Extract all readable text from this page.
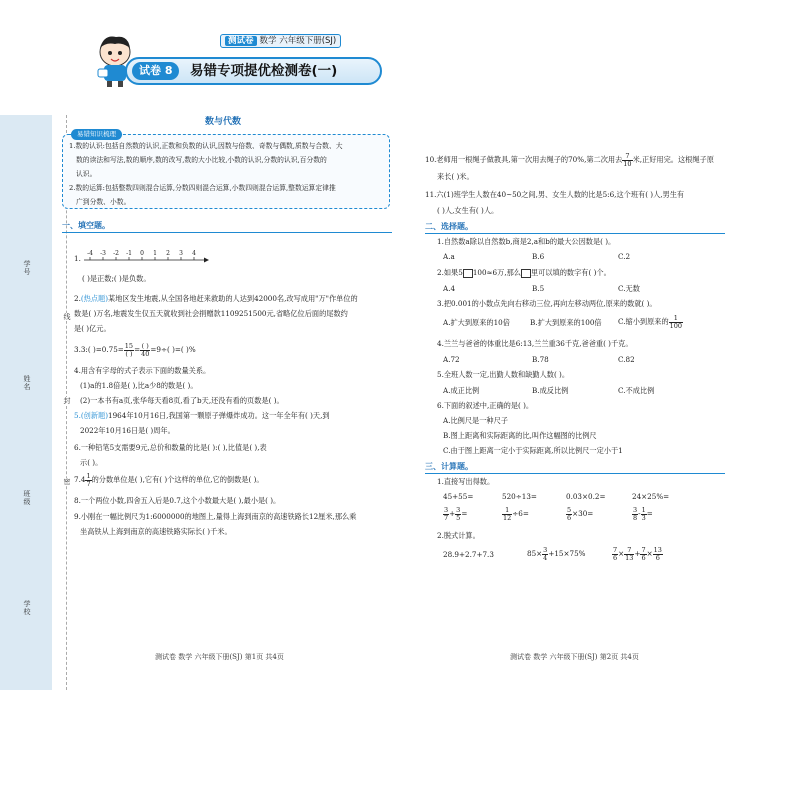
学号
姓名
班级
学校
线
封
密
测试卷 数学 六年级下册(SJ)
试卷 8	易错专项提优检测卷(一)
数与代数
易错知识梳理
1.数的认识:包括自然数的认识,正数和负数的认识,因数与倍数、奇数与偶数,质数与合数、大
数的读法和写法,数的顺序,数的改写,数的大小比较,小数的认识,分数的认识,百分数的
认识。
2.数的运算:包括整数四则混合运算,分数四则混合运算,小数四则混合运算,整数运算定律推
广到分数、小数。
一、填空题。
1.
-4 -3 -2 -1 0 1 2 3 4
( )是正数;( )是负数。
2.(热点题)某地区发生地震,从全国各地赶来救助的人达到42000名,改写成用"万"作单位的
数是( )万名,地震发生仅五天就收到社会捐赠款1109251500元,省略亿位后面的尾数约
是( )亿元。
3.3:( )$=0.75= \frac{15}{( )} = \frac{( )}{40} =9\div$( )=( )%
4.用含有字母的式子表示下面的数量关系。
(1)a的1.8倍是( ),比a少8的数是( )。
(2)一本书有a页,张华每天看8页,看了b天,还没有看的页数是( )。
5.(创新题)1964年10月16日,我国第一颗原子弹爆炸成功。这一年全年有( )天,到
2022年10月16日是( )周年。
6.一种铅笔5支需要9元,总价和数量的比是( ):( ),比值是( ),表
示( )。
$7.4 \frac{1}{7}$ 的分数单位是( ),它有( )个这样的单位,它的倒数是( )。
8.一个两位小数,四舍五入后是0.7,这个小数最大是( ),最小是( )。
9.小刚在一幅比例尺为1:6000000的地图上,量得上海到南京的高速铁路长12厘米,那么乘
坐高铁从上海到南京的高速铁路实际长( )千米。
测试卷 数学 六年级下册(SJ) 第1页 共4页
10.老师用一根绳子做教具,第一次用去绳子的70%,第二次用去 $\frac{7}{10}$ 米,正好用完。这根绳子原
来长( )米。
11.六(1)班学生人数在40~50之间,男、女生人数的比是5:6,这个班有( )人,男生有
( )人,女生有( )人。
二、选择题。
1.自然数a除以自然数b,商是2,a和b的最大公因数是( )。
A.a	B.6	C.2
2.如果5 100≈6万,那么 里可以填的数字有( )个。
A.4	B.5	C.无数
3.把0.001的小数点先向右移动三位,再向左移动两位,原来的数就( )。
A.扩大到原来的10倍	B.扩大到原来的100倍 C.缩小到原来的 $\frac{1}{100}$
4.兰兰与爸爸的体重比是6:13,兰兰重36千克,爸爸重( )千克。
A.72	B.78	C.82
5.全班人数一定,出勤人数和缺勤人数( )。
A.成正比例	B.成反比例	C.不成比例
6.下面的叙述中,正确的是( )。
A.比例尺是一种尺子
B.图上距离和实际距离的比,叫作这幅图的比例尺
C.由于图上距离一定小于实际距离,所以比例尺一定小于1
三、计算题。
1.直接写出得数。
45+55=	520÷13=	0.03×0.2=	24×25%=
$\frac{3}{7} + \frac{3}{5}$ =	$\frac{1}{12} \div 6=$	$\frac{5}{6} \times 30=$	$\frac{3}{8} - \frac{1}{3}$ =
2.脱式计算。
28.9+2.7+7.3	$85\times \frac{3}{4} +15\times 75\%$	$\frac{7}{6} \times \frac{7}{13} + \frac{7}{6} \times \frac{13}{6}$
测试卷 数学 六年级下册(SJ) 第2页 共4页
